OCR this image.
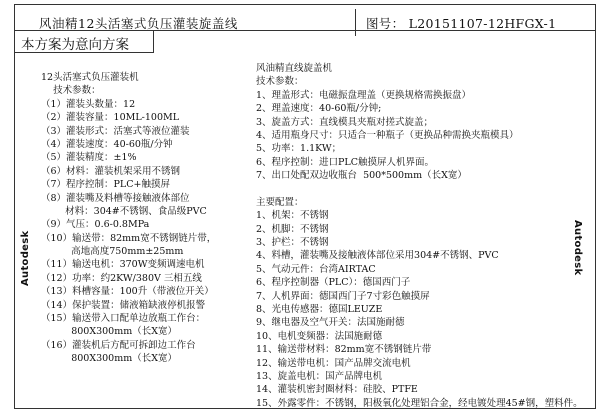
风油精12头活塞式负压灌装旋盖线	图号： L20151107-12HFGX-1
本方案为意向方案
12头活塞式负压灌装机
技术参数：
（1）灌装头数量：12
（2）灌装容量：10ML-100ML
（3）灌装形式：活塞式等液位灌装
（4）灌装速度：40-60瓶/分钟
（5）灌装精度：±1%
（6）材料：灌装机架采用不锈钢
（7）程序控制：PLC+触摸屏
（8）灌装嘴及料槽等接触液体部位
材料：304#不锈钢、食品级PVC
（9）气压：0.6-0.8MPa
（10）输送带：82mm宽不锈钢链片带，
高地高度750mm±25mm
（11）输送电机：370W变频调速电机
（12）功率：约2KW/380V 三相五线
（13）料槽容量：100升（带液位开关）
（14）保护装置：储液箱缺液停机报警
（15）输送带入口配单边放瓶工作台：
800X300mm（长X宽）
（16）灌装机后方配可拆卸边工作台
800X300mm（长X宽）
风油精直线旋盖机
技术参数：
1、理盖形式：电磁振盘理盖（更换规格需换振盘）
2、理盖速度：40-60瓶/分钟;
3、旋盖方式：直线模具夹瓶对搓式旋盖；
4、适用瓶身尺寸：只适合一种瓶子（更换品种需换夹瓶模具）
5、功率：1.1KW；
6、程序控制：进口PLC触摸屏人机界面。
7、出口处配双边收瓶台  500*500mm（长X宽）
主要配置：
1、机架：不锈钢
2、机脚：不锈钢
3、护栏：不锈钢
4、料槽，灌装嘴及接触液体部位采用304#不锈钢、PVC
5、气动元件：台湾AIRTAC
6、程序控制器（PLC）：德国西门子
7、人机界面：德国西门子7寸彩色触摸屏
8、光电传感器：德国LEUZE
9、继电器及空气开关：法国施耐德
10、电机变频器：法国施耐德
11、输送带材料：82mm宽不锈钢链片带
12、输送带电机：国产品牌交流电机
13、旋盖电机：国产品牌电机
14、灌装机密封圈材料：硅胶、PTFE
15、外露零件：不锈钢，阳极氧化处理铝合金，经电镀处理45#钢，塑料件。
Autodesk	Autodesk
